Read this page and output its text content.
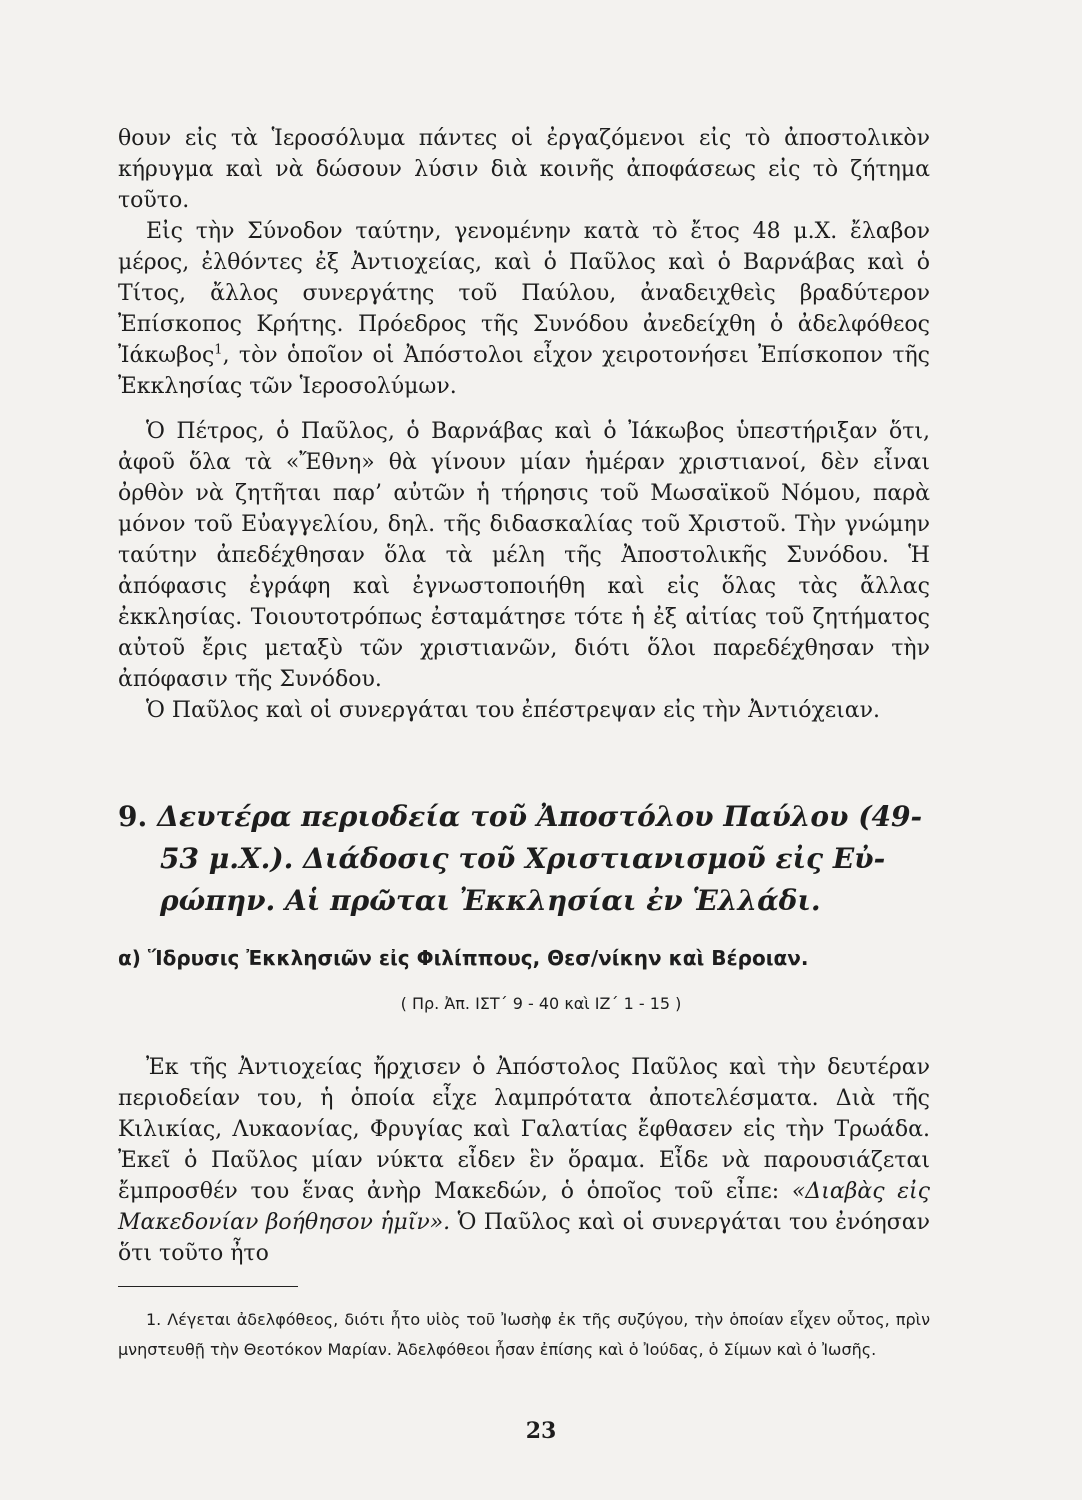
θουν εἰς τὰ Ἱεροσόλυμα πάντες οἱ ἐργαζόμενοι εἰς τὸ ἀποστολικὸν κήρυγμα καὶ νὰ δώσουν λύσιν διὰ κοινῆς ἀποφάσεως εἰς τὸ ζήτημα τοῦτο.

Εἰς τὴν Σύνοδον ταύτην, γενομένην κατὰ τὸ ἔτος 48 μ.Χ. ἔλαβον μέρος, ἐλθόντες ἐξ Ἀντιοχείας, καὶ ὁ Παῦλος καὶ ὁ Βαρνάβας καὶ ὁ Τίτος, ἄλλος συνεργάτης τοῦ Παύλου, ἀναδειχθεὶς βραδύτερον Ἐπίσκοπος Κρήτης. Πρόεδρος τῆς Συνόδου ἀνεδείχθη ὁ ἀδελφόθεος Ἰάκωβος$^1$, τὸν ὁποῖον οἱ Ἀπόστολοι εἶχον χειροτονήσει Ἐπίσκοπον τῆς Ἐκκλησίας τῶν Ἱεροσολύμων.

Ὁ Πέτρος, ὁ Παῦλος, ὁ Βαρνάβας καὶ ὁ Ἰάκωβος ὑπεστήριξαν ὅτι, ἀφοῦ ὅλα τὰ «Ἔθνη» θὰ γίνουν μίαν ἡμέραν χριστιανοί, δὲν εἶναι ὀρθὸν νὰ ζητῆται παρ’ αὐτῶν ἡ τήρησις τοῦ Μωσαϊκοῦ Νόμου, παρὰ μόνον τοῦ Εὐαγγελίου, δηλ. τῆς διδασκαλίας τοῦ Χριστοῦ. Τὴν γνώμην ταύτην ἀπεδέχθησαν ὅλα τὰ μέλη τῆς Ἀποστολικῆς Συνόδου. Ἡ ἀπόφασις ἐγράφη καὶ ἐγνωστοποιήθη καὶ εἰς ὅλας τὰς ἄλλας ἐκκλησίας. Τοιουτοτρόπως ἐσταμάτησε τότε ἡ ἐξ αἰτίας τοῦ ζητήματος αὐτοῦ ἔρις μεταξὺ τῶν χριστιανῶν, διότι ὅλοι παρεδέχθησαν τὴν ἀπόφασιν τῆς Συνόδου.

Ὁ Παῦλος καὶ οἱ συνεργάται του ἐπέστρεψαν εἰς τὴν Ἀντιόχειαν.

9. Δευτέρα περιοδεία τοῦ Ἀποστόλου Παύλου (49-
53 μ.Χ.). Διάδοσις τοῦ Χριστιανισμοῦ εἰς Εὐ-
ρώπην. Αἱ πρῶται Ἐκκλησίαι ἐν Ἑλλάδι.
α) Ἵδρυσις Ἐκκλησιῶν εἰς Φιλίππους, Θεσ/νίκην καὶ Βέροιαν.
( Πρ. Ἀπ. ΙΣΤ΄ 9 - 40 καὶ ΙΖ΄ 1 - 15 )

Ἐκ τῆς Ἀντιοχείας ἤρχισεν ὁ Ἀπόστολος Παῦλος καὶ τὴν δευτέραν περιοδείαν του, ἡ ὁποία εἶχε λαμπρότατα ἀποτελέσματα. Διὰ τῆς Κιλικίας, Λυκαονίας, Φρυγίας καὶ Γαλατίας ἔφθασεν εἰς τὴν Τρωάδα. Ἐκεῖ ὁ Παῦλος μίαν νύκτα εἶδεν ἓν ὅραμα. Εἶδε νὰ παρουσιάζεται ἔμπροσθέν του ἕνας ἀνὴρ Μακεδών, ὁ ὁποῖος τοῦ εἶπε: «Διαβὰς εἰς Μακεδονίαν βοήθησον ἡμῖν». Ὁ Παῦλος καὶ οἱ συνεργάται του ἐνόησαν ὅτι τοῦτο ἦτο

1. Λέγεται ἀδελφόθεος, διότι ἦτο υἱὸς τοῦ Ἰωσὴφ ἐκ τῆς συζύγου, τὴν ὁποίαν εἶχεν οὗτος, πρὶν μνηστευθῇ τὴν Θεοτόκον Μαρίαν. Ἀδελφόθεοι ἦσαν ἐπίσης καὶ ὁ Ἰούδας, ὁ Σίμων καὶ ὁ Ἰωσῆς.

23
